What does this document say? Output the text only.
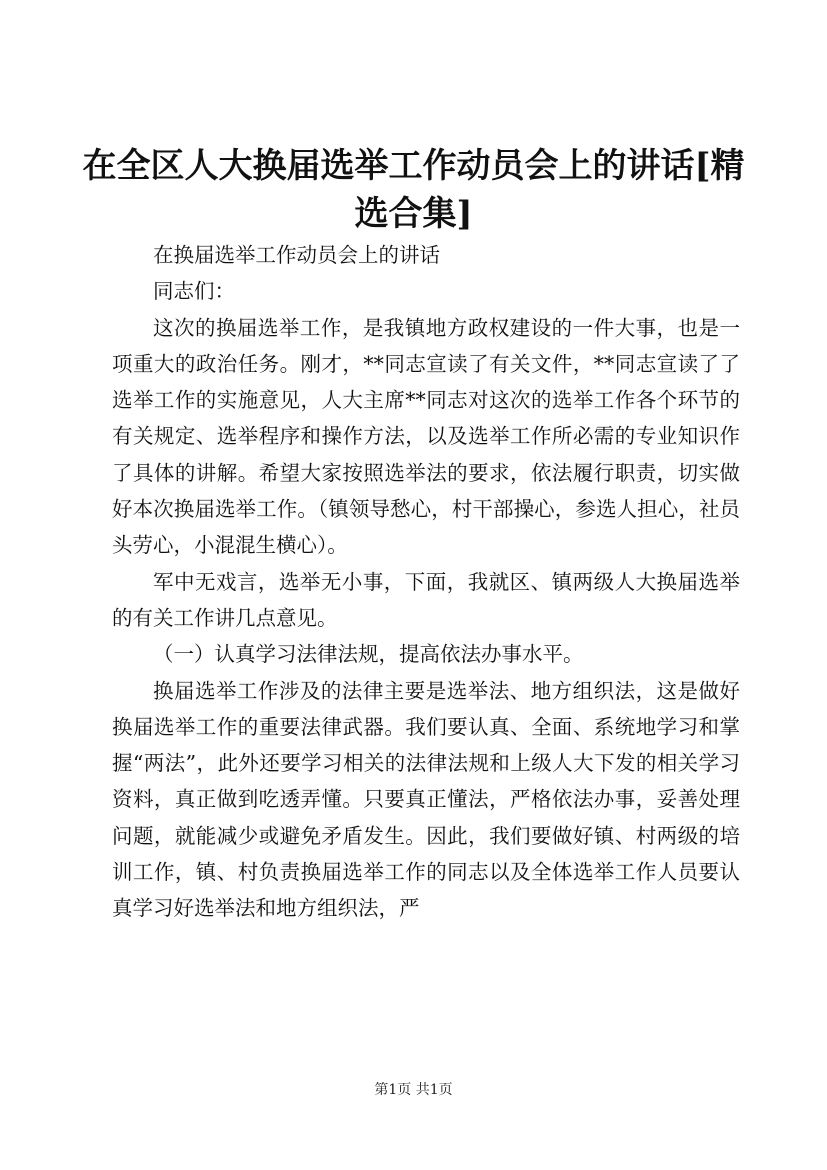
在全区人大换届选举工作动员会上的讲话[精选合集]

在换届选举工作动员会上的讲话

同志们：

这次的换届选举工作，是我镇地方政权建设的一件大事，也是一项重大的政治任务。刚才，**同志宣读了有关文件，**同志宣读了了选举工作的实施意见，人大主席**同志对这次的选举工作各个环节的有关规定、选举程序和操作方法，以及选举工作所必需的专业知识作了具体的讲解。希望大家按照选举法的要求，依法履行职责，切实做好本次换届选举工作。（镇领导愁心，村干部操心，参选人担心，社员头劳心，小混混生横心）。

军中无戏言，选举无小事，下面，我就区、镇两级人大换届选举的有关工作讲几点意见。

（一）认真学习法律法规，提高依法办事水平。

换届选举工作涉及的法律主要是选举法、地方组织法，这是做好换届选举工作的重要法律武器。我们要认真、全面、系统地学习和掌握“两法”，此外还要学习相关的法律法规和上级人大下发的相关学习资料，真正做到吃透弄懂。只要真正懂法，严格依法办事，妥善处理问题，就能减少或避免矛盾发生。因此，我们要做好镇、村两级的培训工作，镇、村负责换届选举工作的同志以及全体选举工作人员要认真学习好选举法和地方组织法，严

第1页 共1页
